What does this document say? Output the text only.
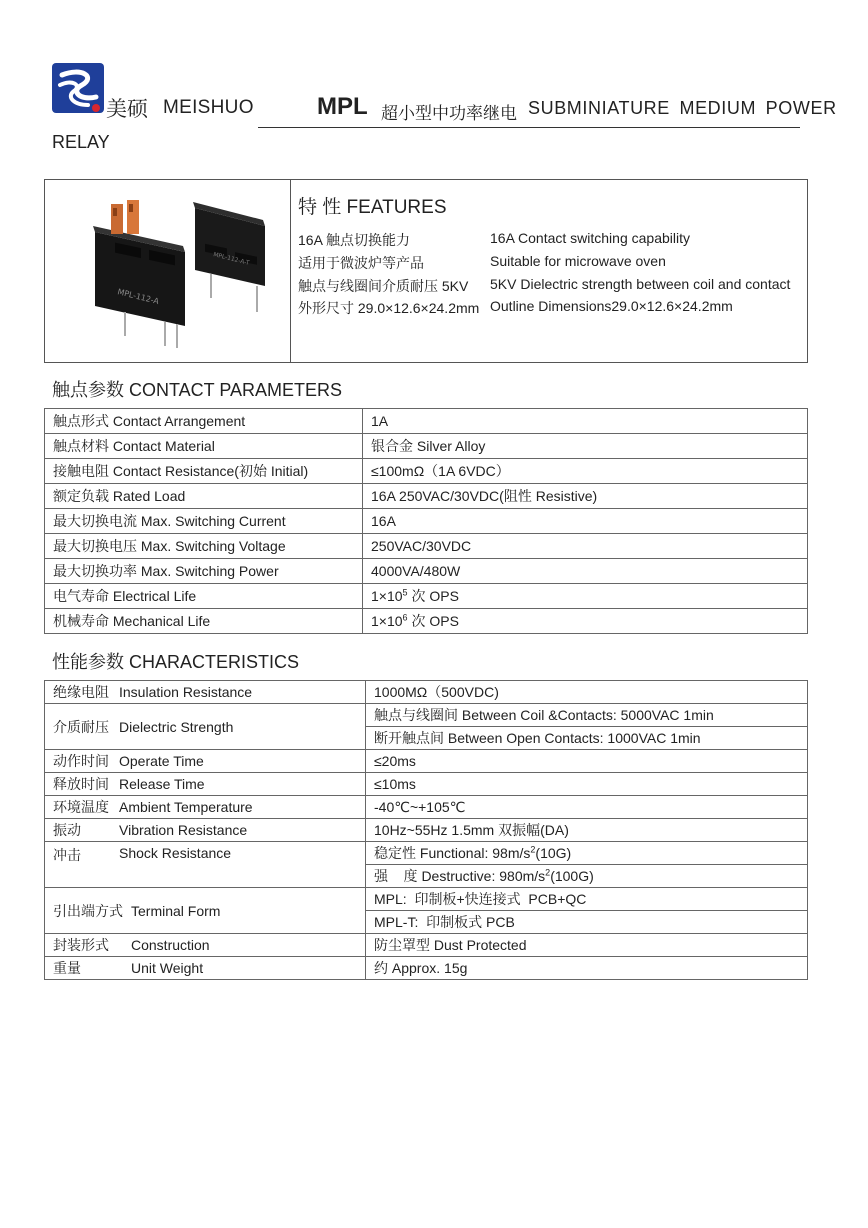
美硕 MEISHUO	MPL 超小型中功率继电 SUBMINIATURE MEDIUM POWER
RELAY
MPL-112-A-T
MPL-112-A
特 性 FEATURES
16A 触点切换能力	16A Contact switching capability
适用于微波炉等产品	Suitable for microwave oven
触点与线圈间介质耐压 5KV 5KV Dielectric strength between coil and contact
外形尺寸 29.0×12.6×24.2mm Outline Dimensions29.0×12.6×24.2mm
触点参数 CONTACT PARAMETERS
触点形式 Contact Arrangement	1A
触点材料 Contact Material	银合金 Silver Alloy
接触电阻 Contact Resistance(初始 Initial)	≤100mΩ（1A 6VDC）
额定负载 Rated Load	16A 250VAC/30VDC(阻性 Resistive)
最大切换电流 Max. Switching Current	16A
最大切换电压 Max. Switching Voltage	250VAC/30VDC
最大切换功率 Max. Switching Power	4000VA/480W
电气寿命 Electrical Life	$1\times 10^5$ 次 OPS
机械寿命 Mechanical Life	$1\times 10^6$ 次 OPS
性能参数 CHARACTERISTICS
绝缘电阻	Insulation Resistance	1000MΩ（500VDC)
介质耐压	Dielectric Strength	触点与线圈间 Between Coil &Contacts: 5000VAC 1min
		断开触点间 Between Open Contacts: 1000VAC 1min
动作时间	Operate Time	≤20ms
释放时间	Release Time	≤10ms
环境温度	Ambient Temperature	-40℃~+105℃
振动	Vibration Resistance	10Hz~55Hz 1.5mm 双振幅(DA)
冲击	Shock Resistance	稳定性 Functional: $98m/s^2(10G)$
		强    度 Destructive: $980m/s^2(100G)$
引出端方式 Terminal Form		MPL:  印制板+快连接式  PCB+QC
		MPL-T:  印制板式 PCB
封装形式 Construction		防尘罩型 Dust Protected
重量 Unit Weight		约 Approx. 15g
